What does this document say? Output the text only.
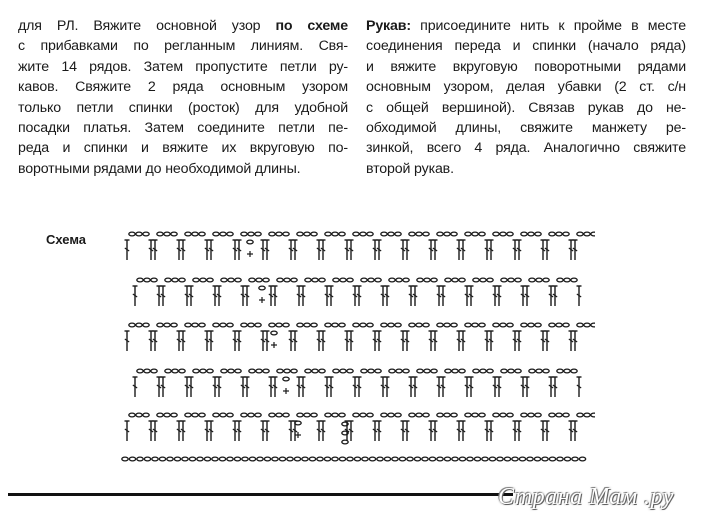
для РЛ. Вяжите основной узор по схеме
с прибавками по регланным линиям. Свя-
жите 14 рядов. Затем пропустите петли ру-
кавов. Свяжите 2 ряда основным узором
только петли спинки (росток) для удобной
посадки платья. Затем соедините петли пе-
реда и спинки и вяжите их вкруговую по-
воротными рядами до необходимой длины.
Рукав: присоедините нить к пройме в месте
соединения переда и спинки (начало ряда)
и вяжите вкруговую поворотными рядами
основным узором, делая убавки (2 ст. с/н
с общей вершиной). Связав рукав до не-
обходимой длины, свяжите манжету ре-
зинкой, всего 4 ряда. Аналогично свяжите
второй рукав.
Схема
Страна Мам .ру
